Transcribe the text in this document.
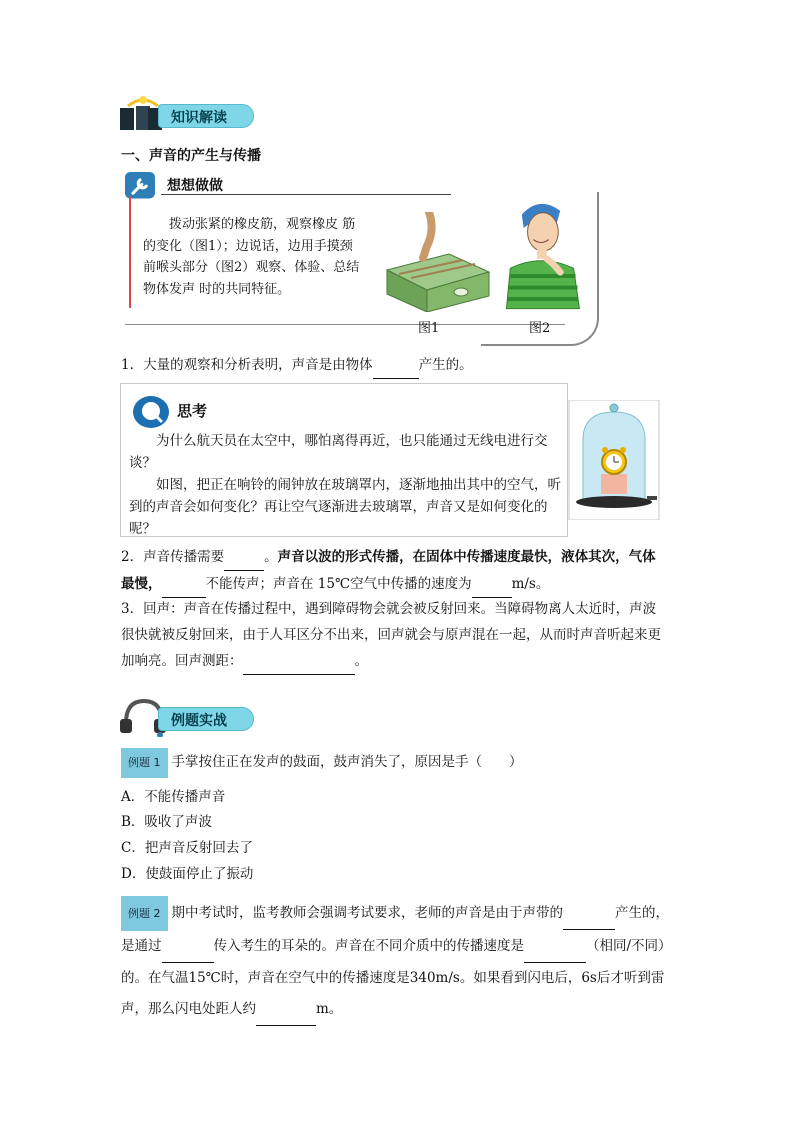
知识解读
一、声音的产生与传播
想想做做
拨动张紧的橡皮筋，观察橡皮 筋的变化（图1）；边说话，边用手摸颈前喉头部分（图2）观察、体验、总结物体发声 时的共同特征。
图1	图2
1．大量的观察和分析表明，声音是由物体	产生的。
思考
为什么航天员在太空中，哪怕离得再近，也只能通过无线电进行交谈？
如图，把正在响铃的闹钟放在玻璃罩内，逐渐地抽出其中的空气，听到的声音会如何变化？再让空气逐渐进去玻璃罩，声音又是如何变化的呢？
2．声音传播需要	。声音以波的形式传播，在固体中传播速度最快，液体其次，气体最慢，	不能传声；声音在 15℃空气中传播的速度为	m/s。
3．回声：声音在传播过程中，遇到障碍物会就会被反射回来。当障碍物离人太近时，声波很快就被反射回来，由于人耳区分不出来，回声就会与原声混在一起，从而时声音听起来更加响亮。回声测距：	。
例题实战
例题 1 手掌按住正在发声的鼓面，鼓声消失了，原因是手（　　）
A．不能传播声音
B．吸收了声波
C．把声音反射回去了
D．使鼓面停止了振动
例题 2 期中考试时，监考教师会强调考试要求，老师的声音是由于声带的	产生的，是通过	传入考生的耳朵的。声音在不同介质中的传播速度是	（相同/不同）的。在气温15℃时，声音在空气中的传播速度是340m/s。如果看到闪电后，6s后才听到雷声，那么闪电处距人约	m。
